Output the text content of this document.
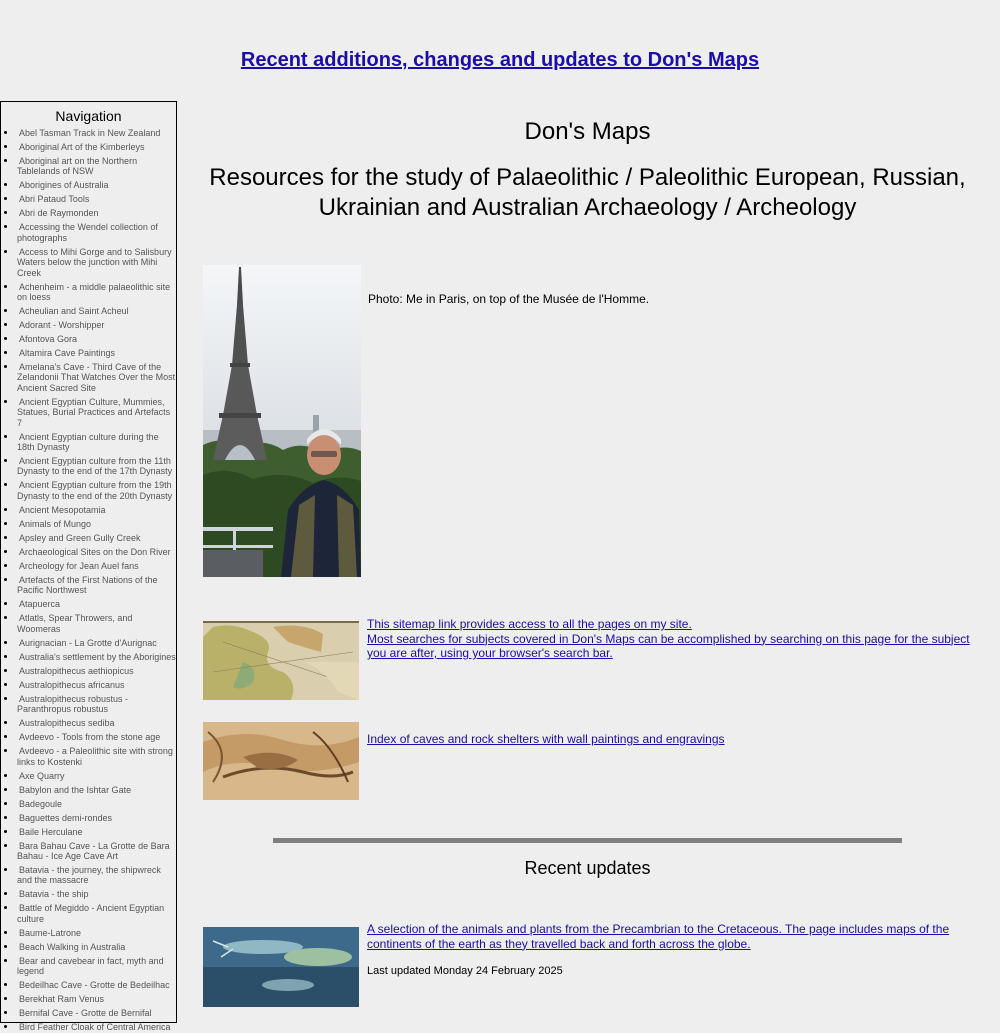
Recent additions, changes and updates to Don's Maps
Navigation
• Abel Tasman Track in New Zealand
• Aboriginal Art of the Kimberleys
• Aboriginal art on the Northern Tablelands of NSW
• Aborigines of Australia
• Abri Pataud Tools
• Abri de Raymonden
• Accessing the Wendel collection of photographs
• Access to Mihi Gorge and to Salisbury Waters below the junction with Mihi Creek
• Achenheim - a middle palaeolithic site on loess
• Acheulian and Saint Acheul
• Adorant - Worshipper
• Afontova Gora
• Altamira Cave Paintings
• Amelana's Cave - Third Cave of the Zelandonii That Watches Over the Most Ancient Sacred Site
• Ancient Egyptian Culture, Mummies, Statues, Burial Practices and Artefacts 7
• Ancient Egyptian culture during the 18th Dynasty
• Ancient Egyptian culture from the 11th Dynasty to the end of the 17th Dynasty
• Ancient Egyptian culture from the 19th Dynasty to the end of the 20th Dynasty
• Ancient Mesopotamia
• Animals of Mungo
• Apsley and Green Gully Creek
• Archaeological Sites on the Don River
• Archeology for Jean Auel fans
• Artefacts of the First Nations of the Pacific Northwest
• Atapuerca
• Atlatls, Spear Throwers, and Woomeras
• Aurignacian - La Grotte d'Aurignac
• Australia's settlement by the Aborigines
• Australopithecus aethiopicus
• Australopithecus africanus
• Australopithecus robustus - Paranthropus robustus
• Australopithecus sediba
• Avdeevo - Tools from the stone age
• Avdeevo - a Paleolithic site with strong links to Kostenki
• Axe Quarry
• Babylon and the Ishtar Gate
• Badegoule
• Baguettes demi-rondes
• Baile Herculane
• Bara Bahau Cave - La Grotte de Bara Bahau - Ice Age Cave Art
• Batavia - the journey, the shipwreck and the massacre
• Batavia - the ship
• Battle of Megiddo - Ancient Egyptian culture
• Baume-Latrone
• Beach Walking in Australia
• Bear and cavebear in fact, myth and legend
• Bedeilhac Cave - Grotte de Bedeilhac
• Berekhat Ram Venus
• Bernifal Cave - Grotte de Bernifal
• Bird Feather Cloak of Central America
Don's Maps
Resources for the study of Palaeolithic / Paleolithic European, Russian, Ukrainian and Australian Archaeology / Archeology
Photo: Me in Paris, on top of the Musée de l'Homme.
This sitemap link provides access to all the pages on my site.
Most searches for subjects covered in Don's Maps can be accomplished by searching on this page for the subject you are after, using your browser's search bar.
Index of caves and rock shelters with wall paintings and engravings
Recent updates
A selection of the animals and plants from the Precambrian to the Cretaceous. The page includes maps of the continents of the earth as they travelled back and forth across the globe.
Last updated Monday 24 February 2025
